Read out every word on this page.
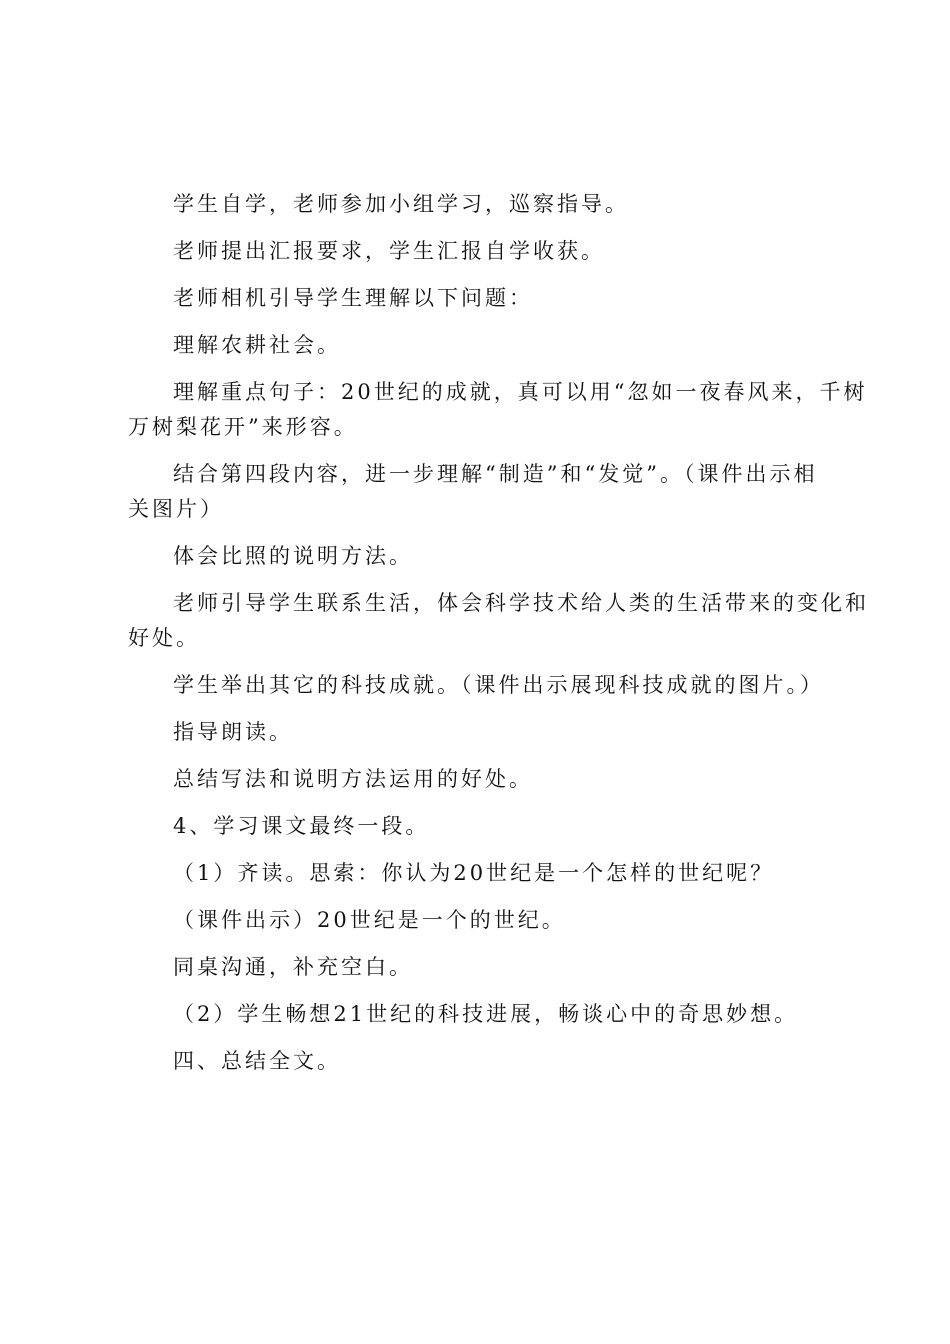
学生自学，老师参加小组学习，巡察指导。

老师提出汇报要求，学生汇报自学收获。

老师相机引导学生理解以下问题：

理解农耕社会。

理解重点句子：20世纪的成就，真可以用“忽如一夜春风来，千树

万树梨花开”来形容。

结合第四段内容，进一步理解“制造”和“发觉”。（课件出示相

关图片）

体会比照的说明方法。

老师引导学生联系生活，体会科学技术给人类的生活带来的变化和

好处。

学生举出其它的科技成就。（课件出示展现科技成就的图片。）

指导朗读。

总结写法和说明方法运用的好处。

4、学习课文最终一段。

（1）齐读。思索：你认为20世纪是一个怎样的世纪呢？

（课件出示）20世纪是一个的世纪。

同桌沟通，补充空白。

（2）学生畅想21世纪的科技进展，畅谈心中的奇思妙想。

四、总结全文。
